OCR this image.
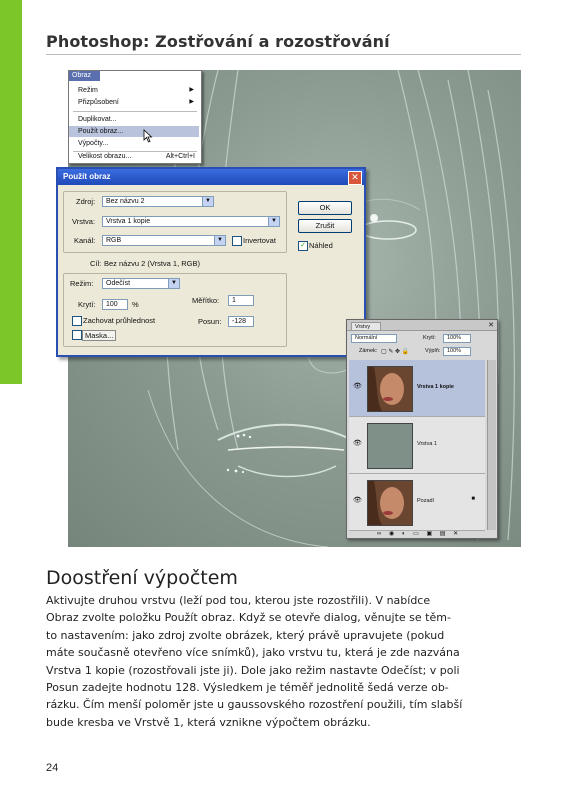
Photoshop: Zostřování a rozostřování
Obraz
Režim	▶
Přizpůsobení	▶
Duplikovat...
Použít obraz...
Výpočty...
Velikost obrazu...	Alt+Ctrl+I
Použít obraz	✕
Zdroj:	Bez názvu 2	▼
Vrstva:	Vrstva 1 kopie	▼
Kanál:	RGB	▼	Invertovat
Cíl: Bez názvu 2 (Vrstva 1, RGB)
Režim:	Odečíst	▼
Krytí:	100	%	Měřítko:	1
Zachovat průhlednost	Posun:	-128
Maska...
OK
Zrušit
✓ Náhled
Vrstvy	✕
Normální	Krytí:	100%
Zámek: ▢ ✎ ✥ 🔒	Výplň:	100%
👁	Vrstva 1 kopie
👁	Vrstva 1
👁	Pozadí	■
∞ ◉ ◐ ▭ ▣ ▤ ✕
Doostření výpočtem

Aktivujte druhou vrstvu (leží pod tou, kterou jste rozostřili). V nabídce

Obraz zvolte položku Použít obraz. Když se otevře dialog, věnujte se těm-

to nastavením: jako zdroj zvolte obrázek, který právě upravujete (pokud

máte současně otevřeno více snímků), jako vrstvu tu, která je zde nazvána

Vrstva 1 kopie (rozostřovali jste ji). Dole jako režim nastavte Odečíst; v poli

Posun zadejte hodnotu 128. Výsledkem je téměř jednolitě šedá verze ob-

rázku. Čím menší poloměr jste u gaussovského rozostření použili, tím slabší

bude kresba ve Vrstvě 1, která vznikne výpočtem obrázku.

24
